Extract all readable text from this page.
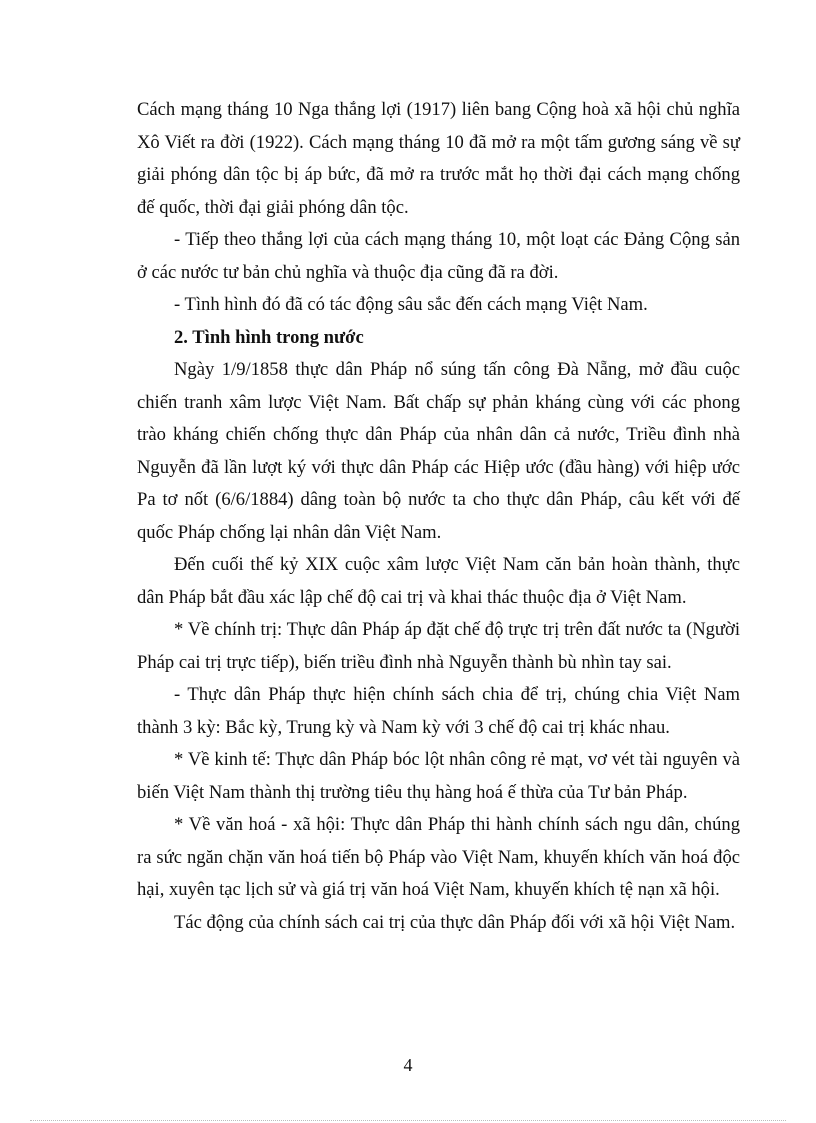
Cách mạng tháng 10 Nga thắng lợi (1917) liên bang Cộng hoà xã hội chủ nghĩa Xô Viết ra đời (1922). Cách mạng tháng 10 đã mở ra một tấm gương sáng về sự giải phóng dân tộc bị áp bức, đã mở ra trước mắt họ thời đại cách mạng chống đế quốc, thời đại giải phóng dân tộc.

- Tiếp theo thắng lợi của cách mạng tháng 10, một loạt các Đảng Cộng sản ở các nước tư bản chủ nghĩa và thuộc địa cũng đã ra đời.

- Tình hình đó đã có tác động sâu sắc đến cách mạng Việt Nam.

2. Tình hình trong nước

Ngày 1/9/1858 thực dân Pháp nổ súng tấn công Đà Nẵng, mở đầu cuộc chiến tranh xâm lược Việt Nam. Bất chấp sự phản kháng cùng với các phong trào kháng chiến chống thực dân Pháp của nhân dân cả nước, Triều đình nhà Nguyễn đã lần lượt ký với thực dân Pháp các Hiệp ước (đầu hàng) với hiệp ước Pa tơ nốt (6/6/1884) dâng toàn bộ nước ta cho thực dân Pháp, câu kết với đế quốc Pháp chống lại nhân dân Việt Nam.

Đến cuối thế kỷ XIX cuộc xâm lược Việt Nam căn bản hoàn thành, thực dân Pháp bắt đầu xác lập chế độ cai trị và khai thác thuộc địa ở Việt Nam.

* Về chính trị: Thực dân Pháp áp đặt chế độ trực trị trên đất nước ta (Người Pháp cai trị trực tiếp), biến triều đình nhà Nguyễn thành bù nhìn tay sai.

- Thực dân Pháp thực hiện chính sách chia để trị, chúng chia Việt Nam thành 3 kỳ: Bắc kỳ, Trung kỳ và Nam kỳ với 3 chế độ cai trị khác nhau.

* Về kinh tế: Thực dân Pháp bóc lột nhân công rẻ mạt, vơ vét tài nguyên và biến Việt Nam thành thị trường tiêu thụ hàng hoá ế thừa của Tư bản Pháp.

* Về văn hoá - xã hội: Thực dân Pháp thi hành chính sách ngu dân, chúng ra sức ngăn chặn văn hoá tiến bộ Pháp vào Việt Nam, khuyến khích văn hoá độc hại, xuyên tạc lịch sử và giá trị văn hoá Việt Nam, khuyến khích tệ nạn xã hội.

Tác động của chính sách cai trị của thực dân Pháp đối với xã hội Việt Nam.

4
